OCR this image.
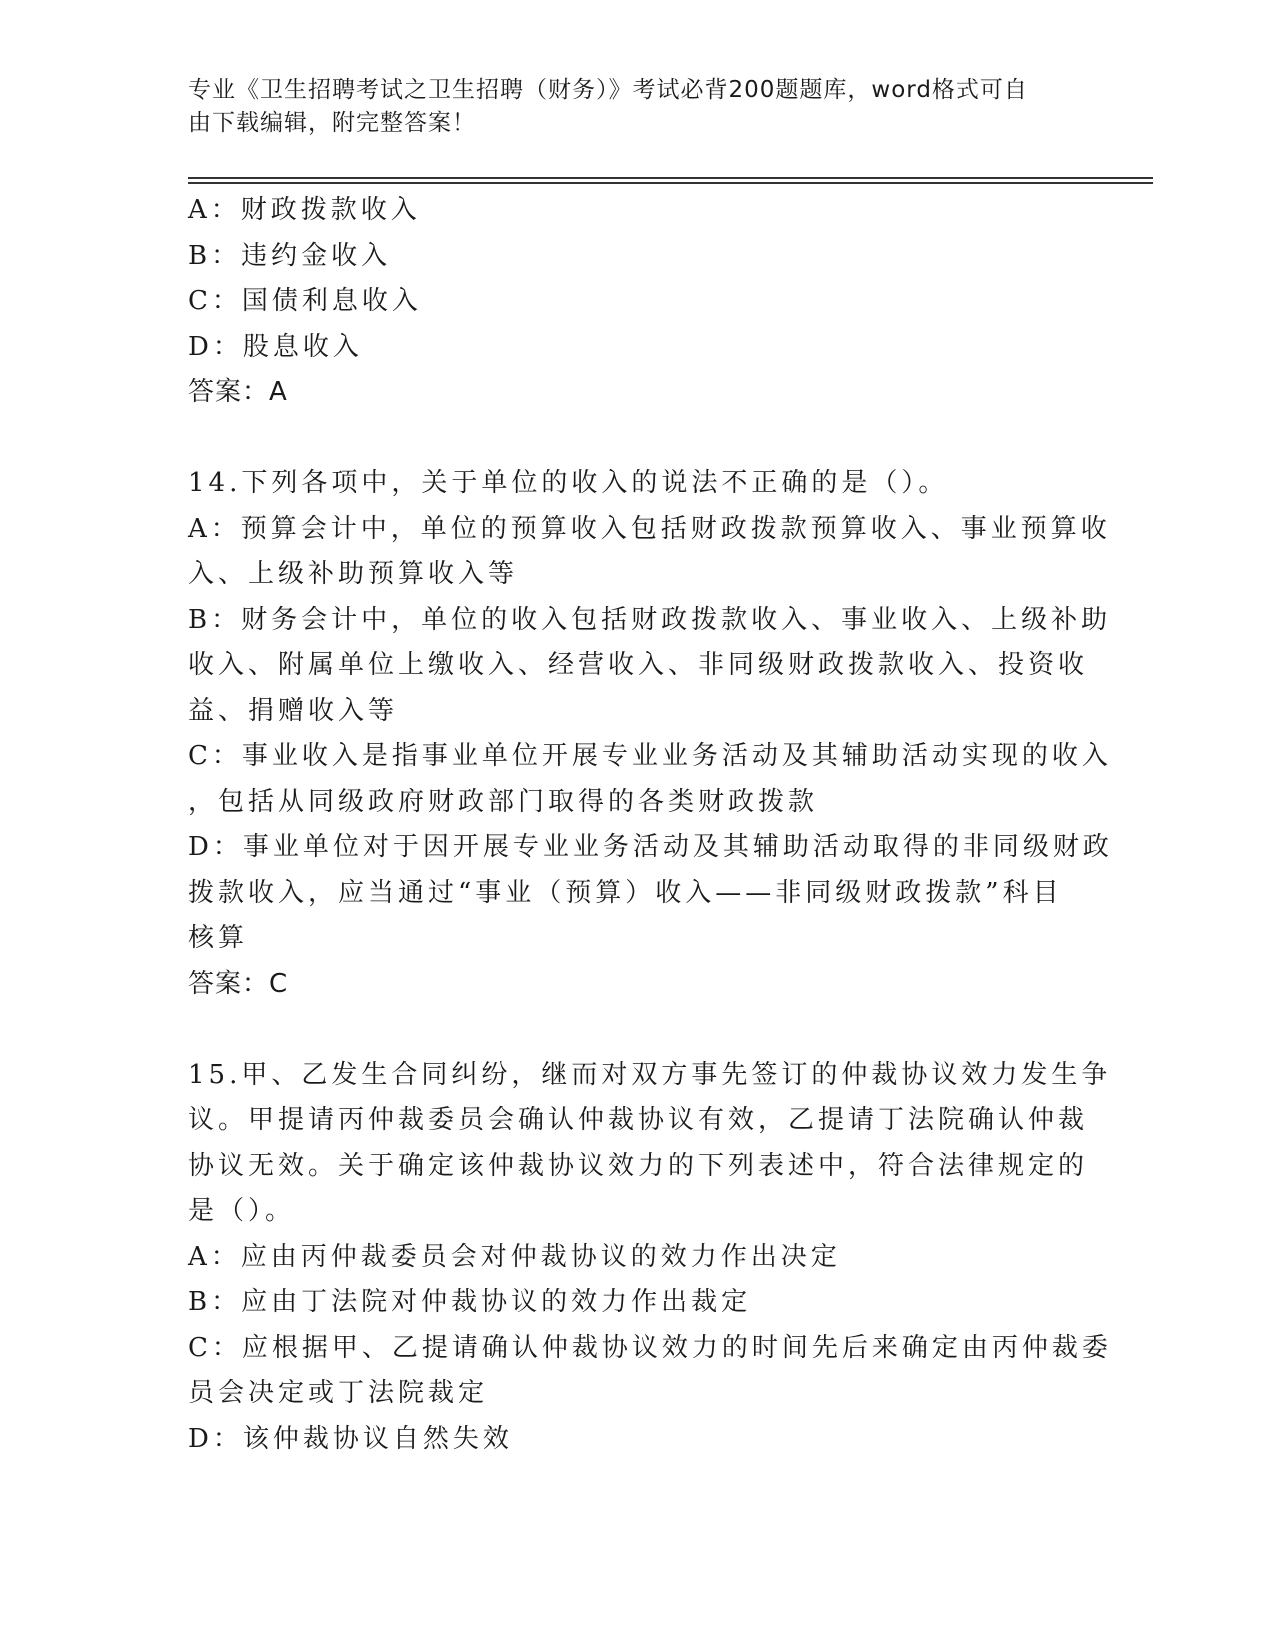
专业《卫生招聘考试之卫生招聘（财务）》考试必背200题题库，word格式可自
由下载编辑，附完整答案！

A：财政拨款收入

B：违约金收入

C：国债利息收入

D：股息收入

答案：A

14.下列各项中，关于单位的收入的说法不正确的是（）。

A：预算会计中，单位的预算收入包括财政拨款预算收入、事业预算收

入、上级补助预算收入等

B：财务会计中，单位的收入包括财政拨款收入、事业收入、上级补助

收入、附属单位上缴收入、经营收入、非同级财政拨款收入、投资收

益、捐赠收入等

C：事业收入是指事业单位开展专业业务活动及其辅助活动实现的收入

，包括从同级政府财政部门取得的各类财政拨款

D：事业单位对于因开展专业业务活动及其辅助活动取得的非同级财政

拨款收入，应当通过“事业（预算）收入——非同级财政拨款”科目

核算

答案：C

15.甲、乙发生合同纠纷，继而对双方事先签订的仲裁协议效力发生争

议。甲提请丙仲裁委员会确认仲裁协议有效，乙提请丁法院确认仲裁

协议无效。关于确定该仲裁协议效力的下列表述中，符合法律规定的

是（）。

A：应由丙仲裁委员会对仲裁协议的效力作出决定

B：应由丁法院对仲裁协议的效力作出裁定

C：应根据甲、乙提请确认仲裁协议效力的时间先后来确定由丙仲裁委

员会决定或丁法院裁定

D：该仲裁协议自然失效
